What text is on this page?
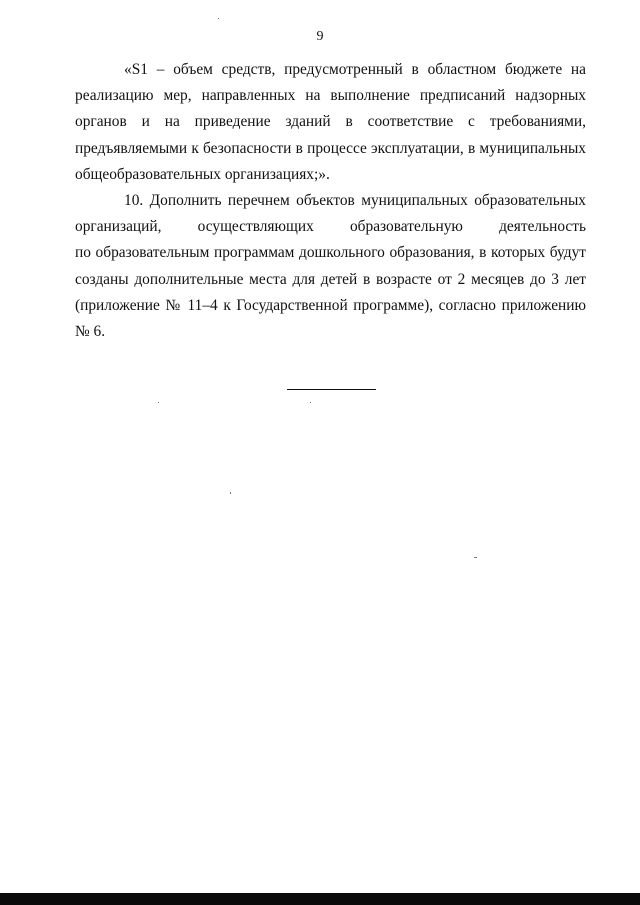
9

«S1 – объем средств, предусмотренный в областном бюджете на
реализацию мер, направленных на выполнение предписаний надзорных
органов и на приведение зданий в соответствие с требованиями,
предъявляемыми к безопасности в процессе эксплуатации, в муниципальных
общеобразовательных организациях;».

10. Дополнить перечнем объектов муниципальных образовательных
организаций, осуществляющих образовательную деятельность
по образовательным программам дошкольного образования, в которых будут
созданы дополнительные места для детей в возрасте от 2 месяцев до 3 лет
(приложение № 11–4 к Государственной программе), согласно приложению
№ 6.
